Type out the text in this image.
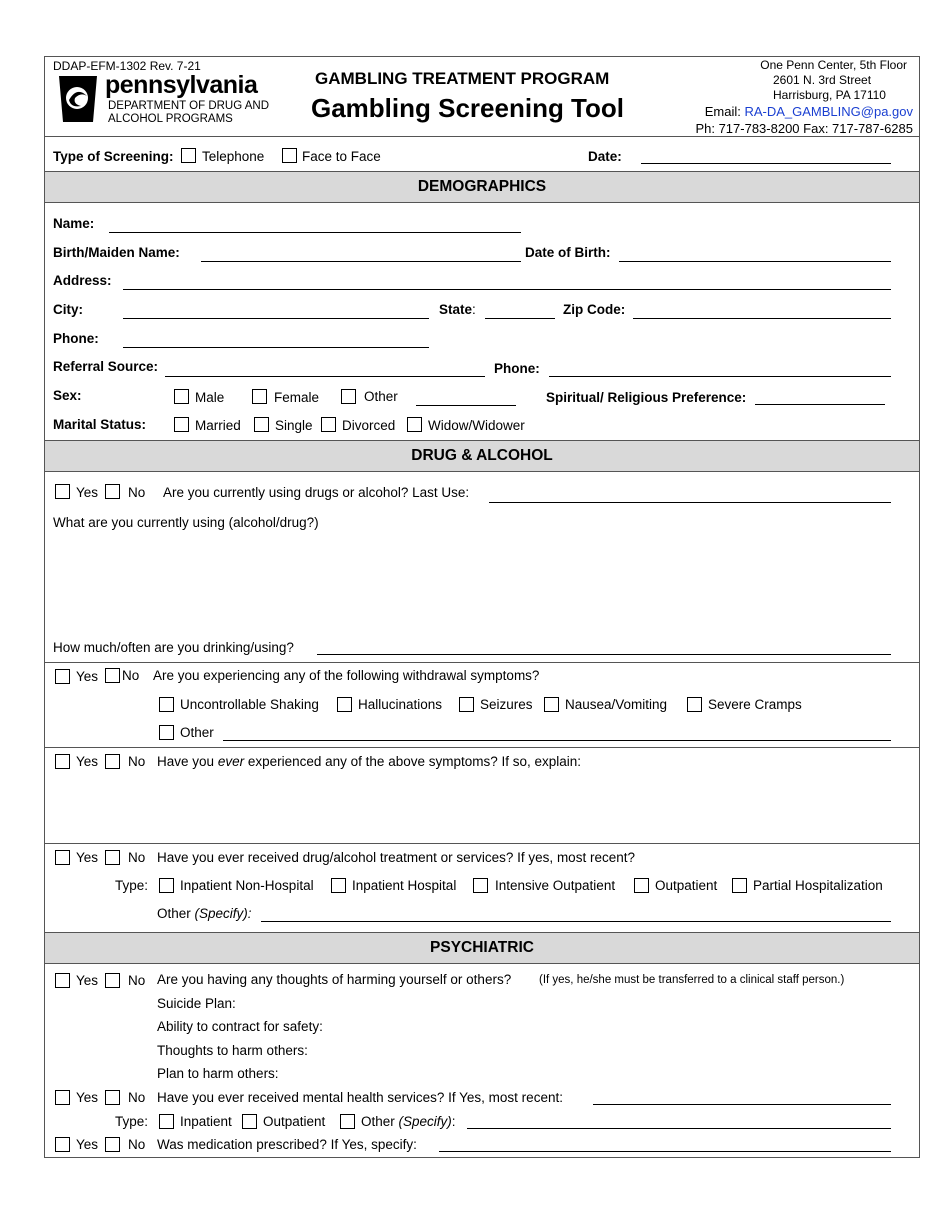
DDAP-EFM-1302 Rev. 7-21
pennsylvania
DEPARTMENT OF DRUG AND
ALCOHOL PROGRAMS
GAMBLING TREATMENT PROGRAM
Gambling Screening Tool
One Penn Center, 5th Floor
2601 N. 3rd Street
Harrisburg, PA 17110
Email: RA-DA_GAMBLING@pa.gov
Ph: 717-783-8200 Fax: 717-787-6285
Type of Screening: Telephone	Face to Face	Date:
DEMOGRAPHICS
Name:
Birth/Maiden Name:	Date of Birth:
Address:
City:	State:	Zip Code:
Phone:
Referral Source:	Phone:
Sex:	Male	Female	Other	Spiritual/ Religious Preference:
Marital Status:	Married	Single Divorced Widow/Widower
DRUG & ALCOHOL
Yes No Are you currently using drugs or alcohol? Last Use:
What are you currently using (alcohol/drug?)
How much/often are you drinking/using?
Yes No Are you experiencing any of the following withdrawal symptoms?
Uncontrollable Shaking	Hallucinations	Seizures Nausea/Vomiting	Severe Cramps
Other
Yes No Have you ever experienced any of the above symptoms? If so, explain:
Yes No Have you ever received drug/alcohol treatment or services? If yes, most recent?
Type: Inpatient Non-Hospital	Inpatient Hospital	Intensive Outpatient	Outpatient	Partial Hospitalization
Other (Specify):
PSYCHIATRIC
Yes No Are you having any thoughts of harming yourself or others? (If yes, he/she must be transferred to a clinical staff person.)
Suicide Plan:
Ability to contract for safety:
Thoughts to harm others:
Plan to harm others:
Yes No Have you ever received mental health services? If Yes, most recent:
Type: Inpatient Outpatient	Other (Specify):
Yes No Was medication prescribed? If Yes, specify:
